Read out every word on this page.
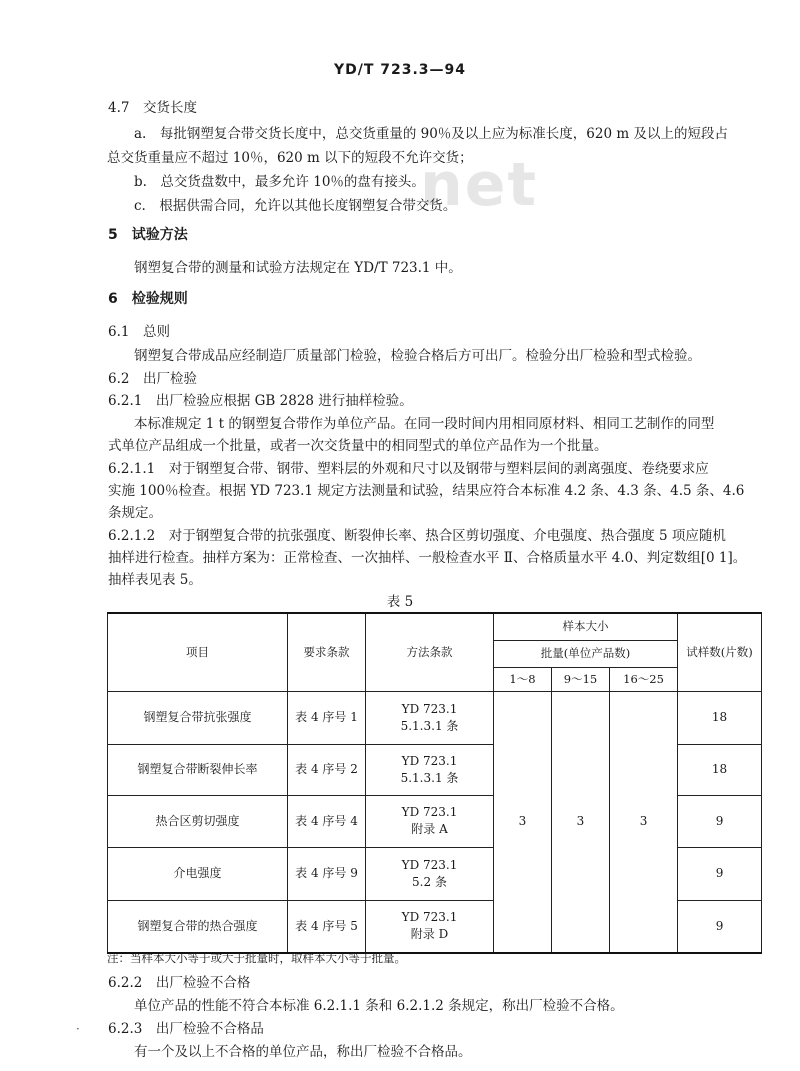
YD/T 723.3—94
net
4.7　交货长度
a.　每批钢塑复合带交货长度中，总交货重量的 90％及以上应为标准长度，620 m 及以上的短段占
总交货重量应不超过 10％，620 m 以下的短段不允许交货；
b.　总交货盘数中，最多允许 10％的盘有接头。
c.　根据供需合同，允许以其他长度钢塑复合带交货。
5　试验方法
钢塑复合带的测量和试验方法规定在 YD/T 723.1 中。
6　检验规则
6.1　总则
钢塑复合带成品应经制造厂质量部门检验，检验合格后方可出厂。检验分出厂检验和型式检验。
6.2　出厂检验
6.2.1　出厂检验应根据 GB 2828 进行抽样检验。
本标准规定 1 t 的钢塑复合带作为单位产品。在同一段时间内用相同原材料、相同工艺制作的同型
式单位产品组成一个批量，或者一次交货量中的相同型式的单位产品作为一个批量。
6.2.1.1　对于钢塑复合带、钢带、塑料层的外观和尺寸以及钢带与塑料层间的剥离强度、卷绕要求应
实施 100％检查。根据 YD 723.1 规定方法测量和试验，结果应符合本标准 4.2 条、4.3 条、4.5 条、4.6
条规定。
6.2.1.2　对于钢塑复合带的抗张强度、断裂伸长率、热合区剪切强度、介电强度、热合强度 5 项应随机
抽样进行检查。抽样方案为：正常检查、一次抽样、一般检查水平 Ⅱ、合格质量水平 4.0、判定数组[0 1]。
抽样表见表 5。
表 5
项目	要求条款	方法条款	样本大小			试样数(片数)
			批量(单位产品数)			
			1～8	9～15	16～25	
钢塑复合带抗张强度	表 4 序号 1	YD 723.1
5.1.3.1 条	3	3	3	18
钢塑复合带断裂伸长率	表 4 序号 2	YD 723.1
5.1.3.1 条				18
热合区剪切强度	表 4 序号 4	YD 723.1
附录 A				9
介电强度	表 4 序号 9	YD 723.1
5.2 条				9
钢塑复合带的热合强度	表 4 序号 5	YD 723.1
附录 D				9
注：当样本大小等于或大于批量时，取样本大小等于批量。
6.2.2　出厂检验不合格
单位产品的性能不符合本标准 6.2.1.1 条和 6.2.1.2 条规定，称出厂检验不合格。
6.2.3　出厂检验不合格品
有一个及以上不合格的单位产品，称出厂检验不合格品。
·
